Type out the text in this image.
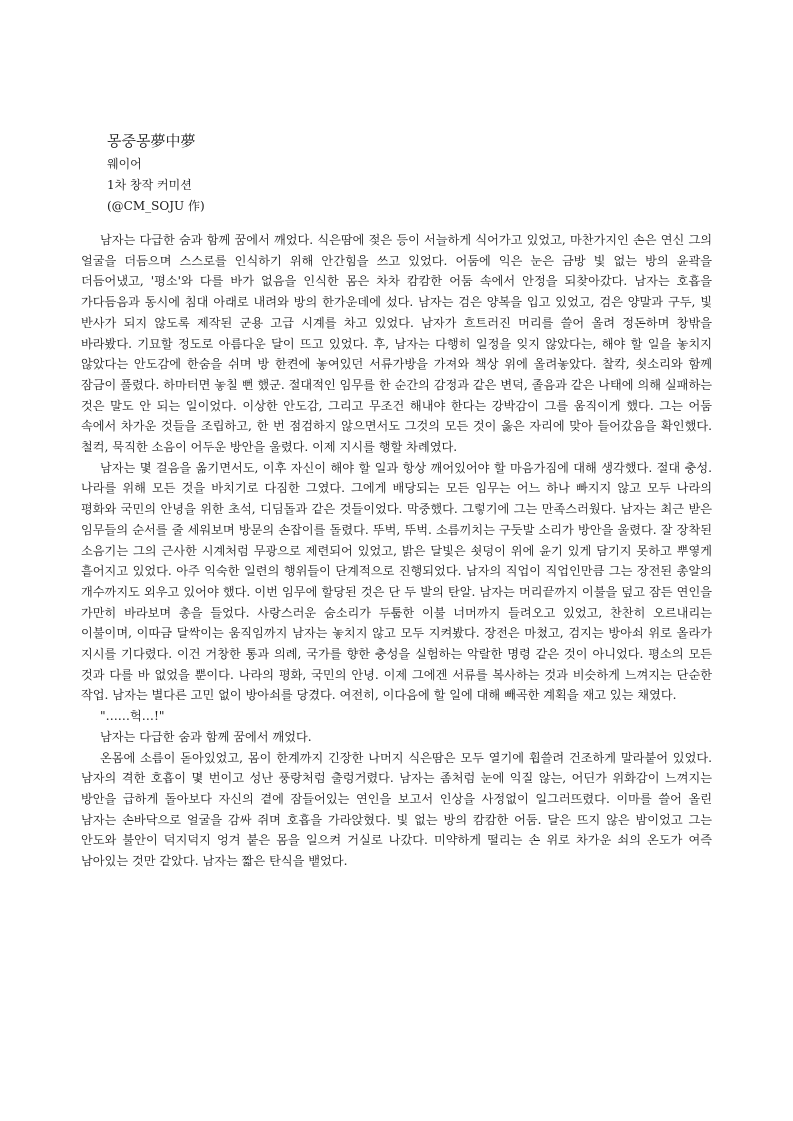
몽중몽夢中夢
웨이어
1차 창작 커미션
(@CM_SOJU 作)

남자는 다급한 숨과 함께 꿈에서 깨었다. 식은땀에 젖은 등이 서늘하게 식어가고 있었고, 마찬가지인 손은 연신 그의 얼굴을 더듬으며 스스로를 인식하기 위해 안간힘을 쓰고 있었다. 어둠에 익은 눈은 금방 빛 없는 방의 윤곽을 더듬어냈고, '평소'와 다를 바가 없음을 인식한 몸은 차차 캄캄한 어둠 속에서 안정을 되찾아갔다. 남자는 호흡을 가다듬음과 동시에 침대 아래로 내려와 방의 한가운데에 섰다. 남자는 검은 양복을 입고 있었고, 검은 양말과 구두, 빛 반사가 되지 않도록 제작된 군용 고급 시계를 차고 있었다. 남자가 흐트러진 머리를 쓸어 올려 정돈하며 창밖을 바라봤다. 기묘할 정도로 아름다운 달이 뜨고 있었다. 후, 남자는 다행히 일정을 잊지 않았다는, 해야 할 일을 놓치지 않았다는 안도감에 한숨을 쉬며 방 한켠에 놓여있던 서류가방을 가져와 책상 위에 올려놓았다. 찰칵, 쇳소리와 함께 잠금이 풀렸다. 하마터면 놓칠 뻔 했군. 절대적인 임무를 한 순간의 감정과 같은 변덕, 졸음과 같은 나태에 의해 실패하는 것은 말도 안 되는 일이었다. 이상한 안도감, 그리고 무조건 해내야 한다는 강박감이 그를 움직이게 했다. 그는 어둠 속에서 차가운 것들을 조립하고, 한 번 점검하지 않으면서도 그것의 모든 것이 옳은 자리에 맞아 들어갔음을 확인했다. 철컥, 묵직한 소음이 어두운 방안을 울렸다. 이제 지시를 행할 차례였다.

남자는 몇 걸음을 옮기면서도, 이후 자신이 해야 할 일과 항상 깨어있어야 할 마음가짐에 대해 생각했다. 절대 충성. 나라를 위해 모든 것을 바치기로 다짐한 그였다. 그에게 배당되는 모든 임무는 어느 하나 빠지지 않고 모두 나라의 평화와 국민의 안녕을 위한 초석, 디딤돌과 같은 것들이었다. 막중했다. 그렇기에 그는 만족스러웠다. 남자는 최근 받은 임무들의 순서를 줄 세워보며 방문의 손잡이를 돌렸다. 뚜벅, 뚜벅. 소름끼치는 구둣발 소리가 방안을 울렸다. 잘 장착된 소음기는 그의 근사한 시계처럼 무광으로 제련되어 있었고, 밝은 달빛은 쇳덩이 위에 윤기 있게 담기지 못하고 뿌옇게 흩어지고 있었다. 아주 익숙한 일련의 행위들이 단계적으로 진행되었다. 남자의 직업이 직업인만큼 그는 장전된 총알의 개수까지도 외우고 있어야 했다. 이번 임무에 할당된 것은 단 두 발의 탄알. 남자는 머리끝까지 이불을 덮고 잠든 연인을 가만히 바라보며 총을 들었다. 사랑스러운 숨소리가 두툼한 이불 너머까지 들려오고 있었고, 찬찬히 오르내리는 이불이며, 이따금 달싹이는 움직임까지 남자는 놓치지 않고 모두 지켜봤다. 장전은 마쳤고, 검지는 방아쇠 위로 올라가 지시를 기다렸다. 이건 거창한 통과 의례, 국가를 향한 충성을 실험하는 악랄한 명령 같은 것이 아니었다. 평소의 모든 것과 다를 바 없었을 뿐이다. 나라의 평화, 국민의 안녕. 이제 그에겐 서류를 복사하는 것과 비슷하게 느껴지는 단순한 작업. 남자는 별다른 고민 없이 방아쇠를 당겼다. 여전히, 이다음에 할 일에 대해 빼곡한 계획을 재고 있는 채였다.

"……헉…!"

남자는 다급한 숨과 함께 꿈에서 깨었다.

온몸에 소름이 돋아있었고, 몸이 한계까지 긴장한 나머지 식은땀은 모두 열기에 휩쓸려 건조하게 말라붙어 있었다. 남자의 격한 호흡이 몇 번이고 성난 풍랑처럼 출렁거렸다. 남자는 좀처럼 눈에 익질 않는, 어딘가 위화감이 느껴지는 방안을 급하게 돌아보다 자신의 곁에 잠들어있는 연인을 보고서 인상을 사정없이 일그러뜨렸다. 이마를 쓸어 올린 남자는 손바닥으로 얼굴을 감싸 쥐며 호흡을 가라앉혔다. 빛 없는 방의 캄캄한 어둠. 달은 뜨지 않은 밤이었고 그는 안도와 불안이 덕지덕지 엉겨 붙은 몸을 일으켜 거실로 나갔다. 미약하게 떨리는 손 위로 차가운 쇠의 온도가 여즉 남아있는 것만 같았다. 남자는 짧은 탄식을 뱉었다.
